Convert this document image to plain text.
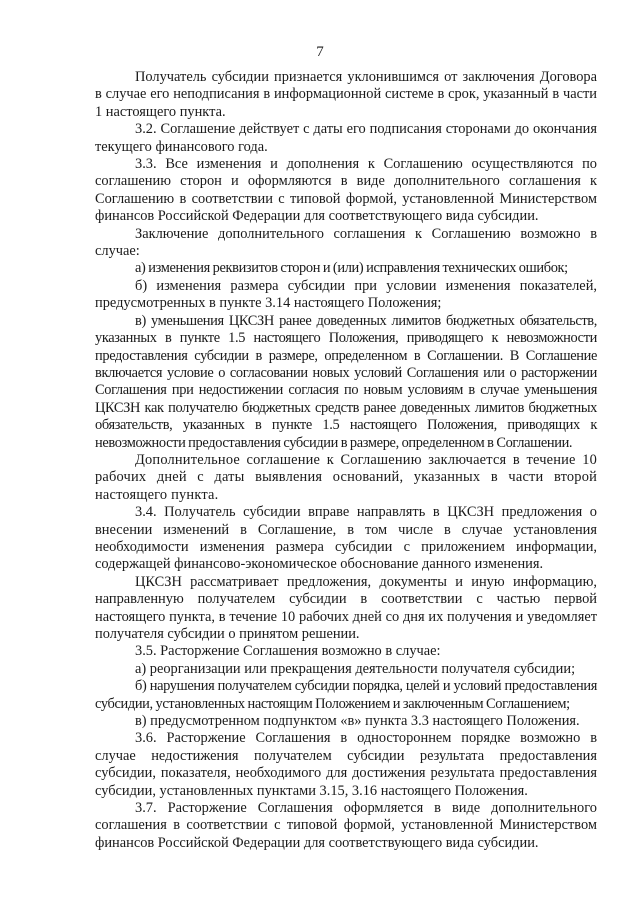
7

Получатель субсидии признается уклонившимся от заключения Договора в случае его неподписания в информационной системе в срок, указанный в части 1 настоящего пункта.

3.2. Соглашение действует с даты его подписания сторонами до окончания текущего финансового года.

3.3. Все изменения и дополнения к Соглашению осуществляются по соглашению сторон и оформляются в виде дополнительного соглашения к Соглашению в соответствии с типовой формой, установленной Министерством финансов Российской Федерации для соответствующего вида субсидии.

Заключение дополнительного соглашения к Соглашению возможно в случае:

а) изменения реквизитов сторон и (или) исправления технических ошибок;

б) изменения размера субсидии при условии изменения показателей, предусмотренных в пункте 3.14 настоящего Положения;

в) уменьшения ЦКСЗН ранее доведенных лимитов бюджетных обязательств, указанных в пункте 1.5 настоящего Положения, приводящего к невозможности предоставления субсидии в размере, определенном в Соглашении. В Соглашение включается условие о согласовании новых условий Соглашения или о расторжении Соглашения при недостижении согласия по новым условиям в случае уменьшения ЦКСЗН как получателю бюджетных средств ранее доведенных лимитов бюджетных обязательств, указанных в пункте 1.5 настоящего Положения, приводящих к невозможности предоставления субсидии в размере, определенном в Соглашении.

Дополнительное соглашение к Соглашению заключается в течение 10 рабочих дней с даты выявления оснований, указанных в части второй настоящего пункта.

3.4. Получатель субсидии вправе направлять в ЦКСЗН предложения о внесении изменений в Соглашение, в том числе в случае установления необходимости изменения размера субсидии с приложением информации, содержащей финансово-экономическое обоснование данного изменения.

ЦКСЗН рассматривает предложения, документы и иную информацию, направленную получателем субсидии в соответствии с частью первой настоящего пункта, в течение 10 рабочих дней со дня их получения и уведомляет получателя субсидии о принятом решении.

3.5. Расторжение Соглашения возможно в случае:

а) реорганизации или прекращения деятельности получателя субсидии;

б) нарушения получателем субсидии порядка, целей и условий предоставления субсидии, установленных настоящим Положением и заключенным Соглашением;

в) предусмотренном подпунктом «в» пункта 3.3 настоящего Положения.

3.6. Расторжение Соглашения в одностороннем порядке возможно в случае недостижения получателем субсидии результата предоставления субсидии, показателя, необходимого для достижения результата предоставления субсидии, установленных пунктами 3.15, 3.16 настоящего Положения.

3.7. Расторжение Соглашения оформляется в виде дополнительного соглашения в соответствии с типовой формой, установленной Министерством финансов Российской Федерации для соответствующего вида субсидии.
